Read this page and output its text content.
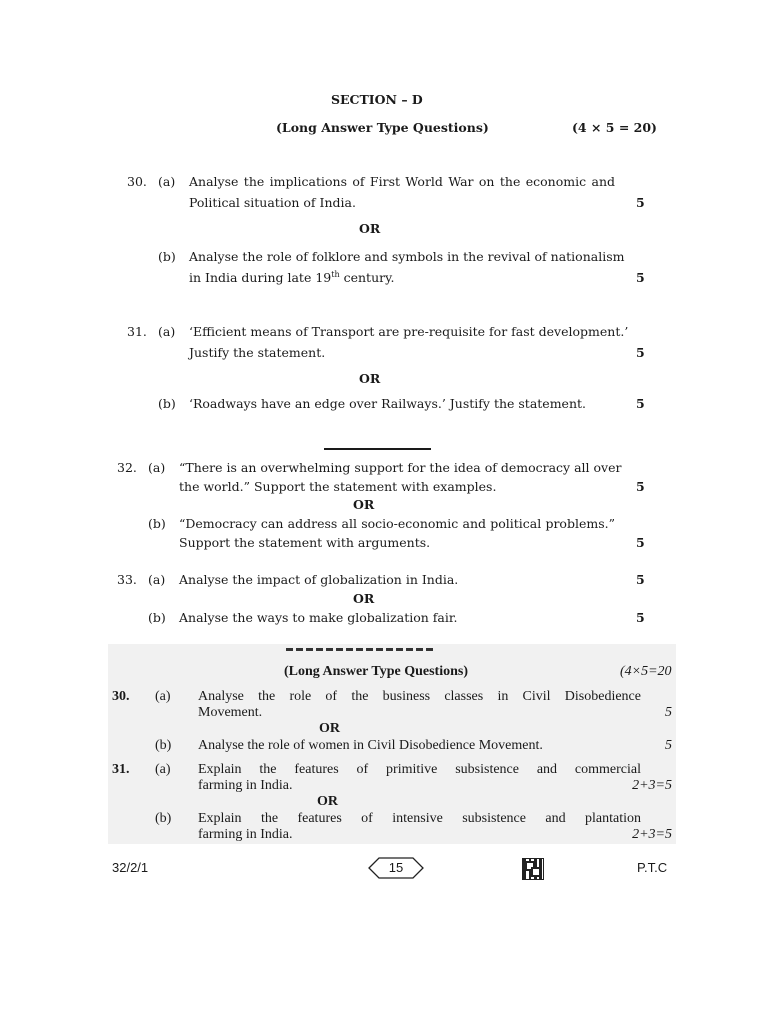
SECTION – D
(Long Answer Type Questions)	(4 × 5 = 20)
30. (a) Analyse the implications of First World War on the economic and
Political situation of India.	5
OR
(b) Analyse the role of folklore and symbols in the revival of nationalism
in India during late 19th century.	5
31. (a) ‘Efficient means of Transport are pre-requisite for fast development.’
Justify the statement.	5
OR
(b) ‘Roadways have an edge over Railways.’ Justify the statement.	5
32. (a) “There is an overwhelming support for the idea of democracy all over
the world.” Support the statement with examples.	5
OR
(b) “Democracy can address all socio-economic and political problems.”
Support the statement with arguments.	5
33. (a) Analyse the impact of globalization in India.	5
OR
(b) Analyse the ways to make globalization fair.	5
(Long Answer Type Questions)	(4×5=20
30. (a) Analyse the role of the business classes in Civil Disobedience
Movement.	5
OR
(b) Analyse the role of women in Civil Disobedience Movement.	5
31. (a) Explain the features of primitive subsistence and commercial
farming in India.	2+3=5
OR
(b) Explain the features of intensive subsistence and plantation
farming in India.	2+3=5
32/2/1	15	P.T.C
